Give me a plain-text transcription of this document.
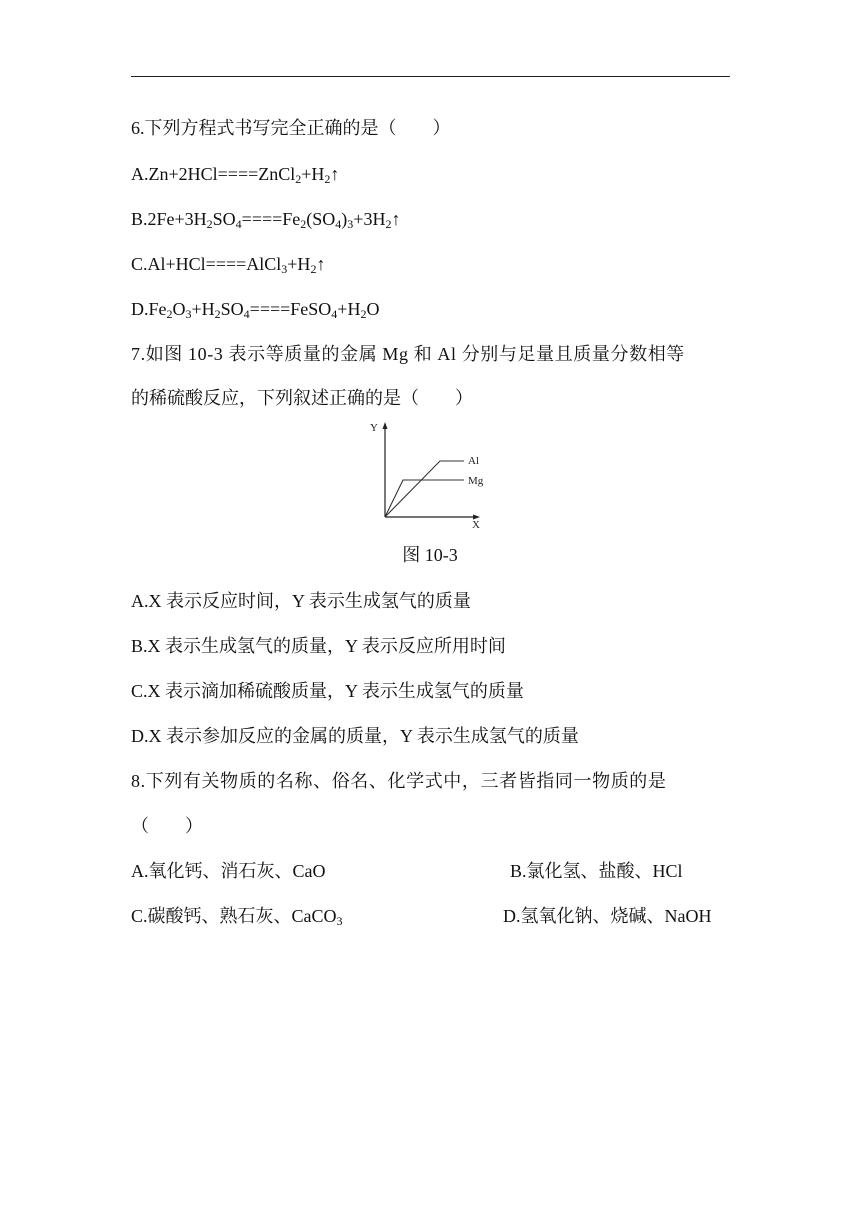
6.下列方程式书写完全正确的是（　　）
$A.Zn+2HCl====ZnCl_2+H_2↑$
$B.2Fe+3H_2SO_4====Fe_2(SO_4)_3+3H_2↑$
$C.Al+HCl====AlCl_3+H_2↑$
$D.Fe_2O_3+H_2SO_4====FeSO_4+H_2O$
7.如图 10-3 表示等质量的金属 Mg 和 Al 分别与足量且质量分数相等
的稀硫酸反应，下列叙述正确的是（　　）
Y
X
Al
Mg
图 10-3
A.X 表示反应时间，Y 表示生成氢气的质量
B.X 表示生成氢气的质量，Y 表示反应所用时间
C.X 表示滴加稀硫酸质量，Y 表示生成氢气的质量
D.X 表示参加反应的金属的质量，Y 表示生成氢气的质量
8.下列有关物质的名称、俗名、化学式中，三者皆指同一物质的是
（　　）
A.氧化钙、消石灰、CaO	B.氯化氢、盐酸、HCl
C.碳酸钙、熟石灰、CaCO$_3$	D.氢氧化钠、烧碱、NaOH
